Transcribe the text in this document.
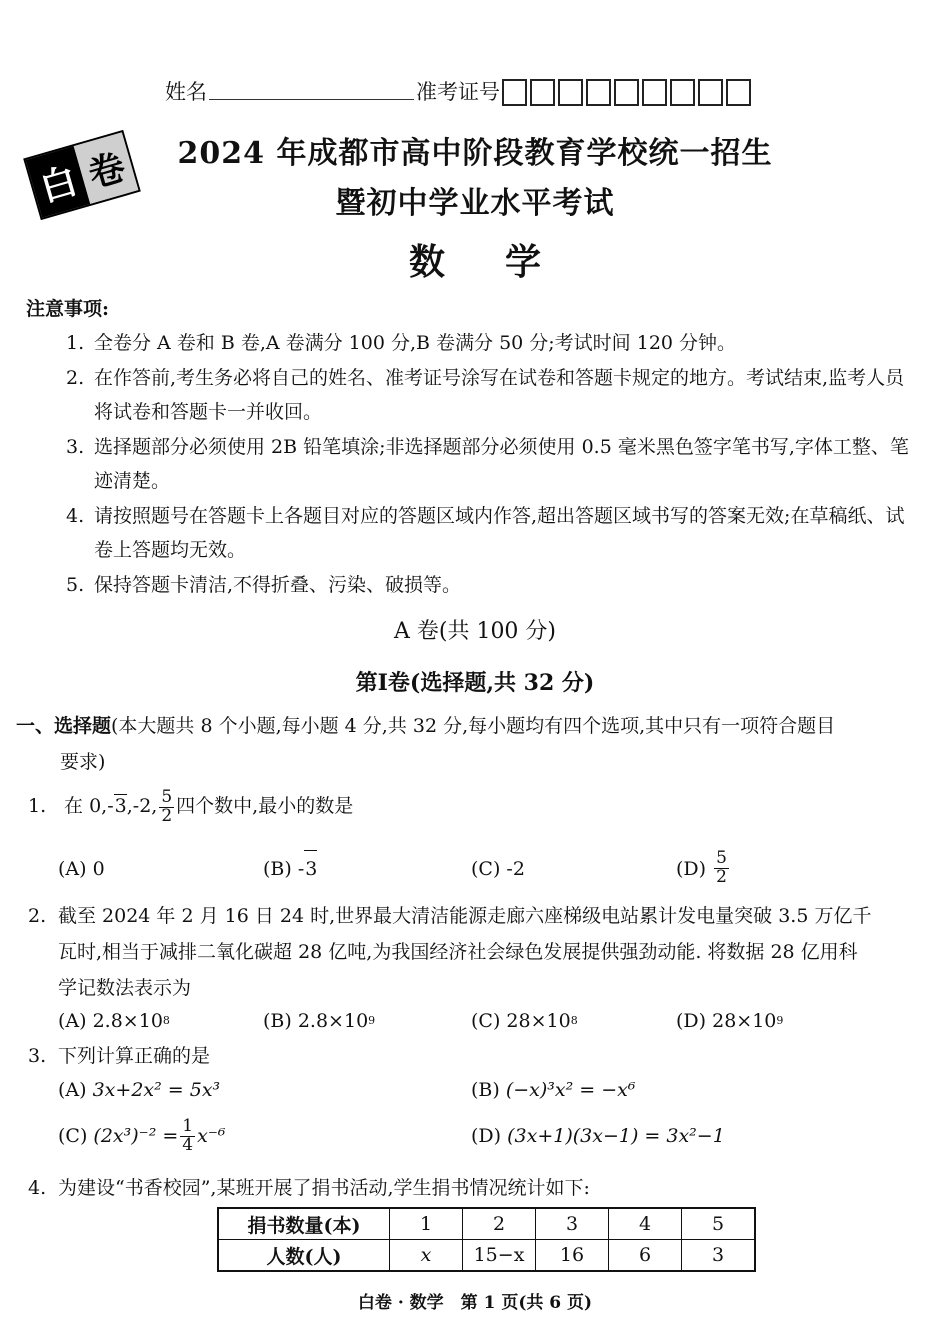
姓名	准考证号
白 卷	2024 年成都市高中阶段教育学校统一招生
暨初中学业水平考试
数学
注意事项:
1. 全卷分 A 卷和 B 卷,A 卷满分 100 分,B 卷满分 50 分;考试时间 120 分钟。
2. 在作答前,考生务必将自己的姓名、准考证号涂写在试卷和答题卡规定的地方。考试结束,监考人员将试卷和答题卡一并收回。
3. 选择题部分必须使用 2B 铅笔填涂;非选择题部分必须使用 0.5 毫米黑色签字笔书写,字体工整、笔迹清楚。
4. 请按照题号在答题卡上各题目对应的答题区域内作答,超出答题区域书写的答案无效;在草稿纸、试卷上答题均无效。
5. 保持答题卡清洁,不得折叠、污染、破损等。
A 卷(共 100 分)
第Ⅰ卷(选择题,共 32 分)
一、选择题(本大题共 8 个小题,每小题 4 分,共 32 分,每小题均有四个选项,其中只有一项符合题目
要求)
1. 在 0,-3,-2, $\frac{5}{2}$ 四个数中,最小的数是
(A)
0	(B)
- 3	(C)
-2	(D)
$\frac{5}{2}$
2. 截至 2024 年 2 月 16 日 24 时,世界最大清洁能源走廊六座梯级电站累计发电量突破 3.5 万亿千
瓦时,相当于减排二氧化碳超 28 亿吨,为我国经济社会绿色发展提供强劲动能. 将数据 28 亿用科
学记数法表示为
(A)
2.8×10 8	(B)
2.8×10 9	(C)
28×10 8	(D)
28×10 9
3. 下列计算正确的是
(A)
3x+2x² = 5x³	(B)
(−x)³x² = −x⁶
(C)
$(2x^3)^{-2} = \frac{1}{4} x^{-6}$	(D)
(3x+1)(3x−1) = 3x²−1
4. 为建设“书香校园”,某班开展了捐书活动,学生捐书情况统计如下:
捐书数量(本)	1	2	3	4	5
人数(人)	x	15−x	16	6	3
白卷 · 数学　第 1 页(共 6 页)
